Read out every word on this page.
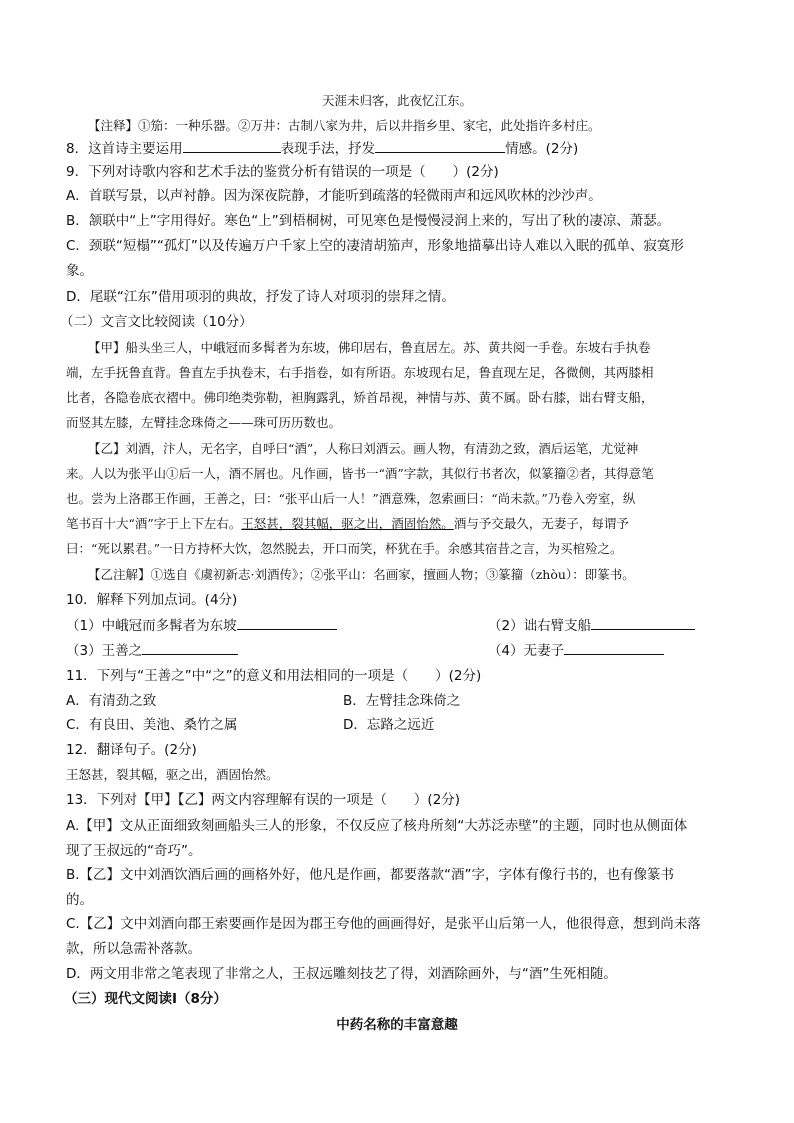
天涯未归客，此夜忆江东。
【注释】①笳：一种乐器。②万井：古制八家为井，后以井指乡里、家宅，此处指许多村庄。
8．这首诗主要运用	表现手法，抒发	情感。(2分)
9．下列对诗歌内容和艺术手法的鉴赏分析有错误的一项是（　　）(2分)
A．首联写景，以声衬静。因为深夜院静，才能听到疏落的轻微雨声和远风吹林的沙沙声。
B．颔联中“上”字用得好。寒色“上”到梧桐树，可见寒色是慢慢浸润上来的，写出了秋的凄凉、萧瑟。
C．颈联“短榻”“孤灯”以及传遍万户千家上空的凄清胡笳声，形象地描摹出诗人难以入眠的孤单、寂寞形
象。
D．尾联“江东”借用项羽的典故，抒发了诗人对项羽的崇拜之情。
（二）文言文比较阅读（10分）
【甲】船头坐三人，中峨冠而多髯者为东坡，佛印居右，鲁直居左。苏、黄共阅一手卷。东坡右手执卷
端，左手抚鲁直背。鲁直左手执卷末，右手指卷，如有所语。东坡现右足，鲁直现左足，各微侧，其两膝相
比者，各隐卷底衣褶中。佛印绝类弥勒，袒胸露乳，矫首昂视，神情与苏、黄不属。卧右膝，诎右臂支船，
而竖其左膝，左臂挂念珠倚之——珠可历历数也。
【乙】刘酒，汴人，无名字，自呼曰“酒”，人称曰刘酒云。画人物，有清劲之致，酒后运笔，尤觉神
来。人以为张平山①后一人，酒不屑也。凡作画，皆书一“酒”字款，其似行书者次，似篆籀②者，其得意笔
也。尝为上洛郡王作画，王善之，曰：“张平山后一人！”酒意殊，忽索画曰：“尚未款。”乃卷入旁室，纵
笔书百十大“酒”字于上下左右。王怒甚，裂其幅，驱之出，酒固怡然。酒与予交最久，无妻子，每谓予
曰：“死以累君。”一日方持杯大饮，忽然脱去，开口而笑，杯犹在手。余感其宿昔之言，为买棺殓之。
【乙注解】①选自《虞初新志·刘酒传》；②张平山：名画家，擅画人物；③篆籀（zhòu）：即篆书。
10．解释下列加点词。(4分)
（1）中峨冠而多髯者为东坡	（2）诎右臂支船
（3）王善之	（4）无妻子
11．下列与“王善之”中“之”的意义和用法相同的一项是（　　）(2分)
A．有清劲之致	B．左臂挂念珠倚之
C．有良田、美池、桑竹之属	D．忘路之远近
12．翻译句子。(2分)
王怒甚，裂其幅，驱之出，酒固怡然。
13．下列对【甲】【乙】两文内容理解有误的一项是（　　）(2分)
A.【甲】文从正面细致刻画船头三人的形象，不仅反应了核舟所刻“大苏泛赤壁”的主题，同时也从侧面体
现了王叔远的“奇巧”。
B.【乙】文中刘酒饮酒后画的画格外好，他凡是作画，都要落款“酒”字，字体有像行书的，也有像篆书
的。
C.【乙】文中刘酒向郡王索要画作是因为郡王夸他的画画得好，是张平山后第一人，他很得意，想到尚未落
款，所以急需补落款。
D．两文用非常之笔表现了非常之人，王叔远雕刻技艺了得，刘酒除画外，与“酒”生死相随。
（三）现代文阅读Ⅰ（8分）
中药名称的丰富意趣
